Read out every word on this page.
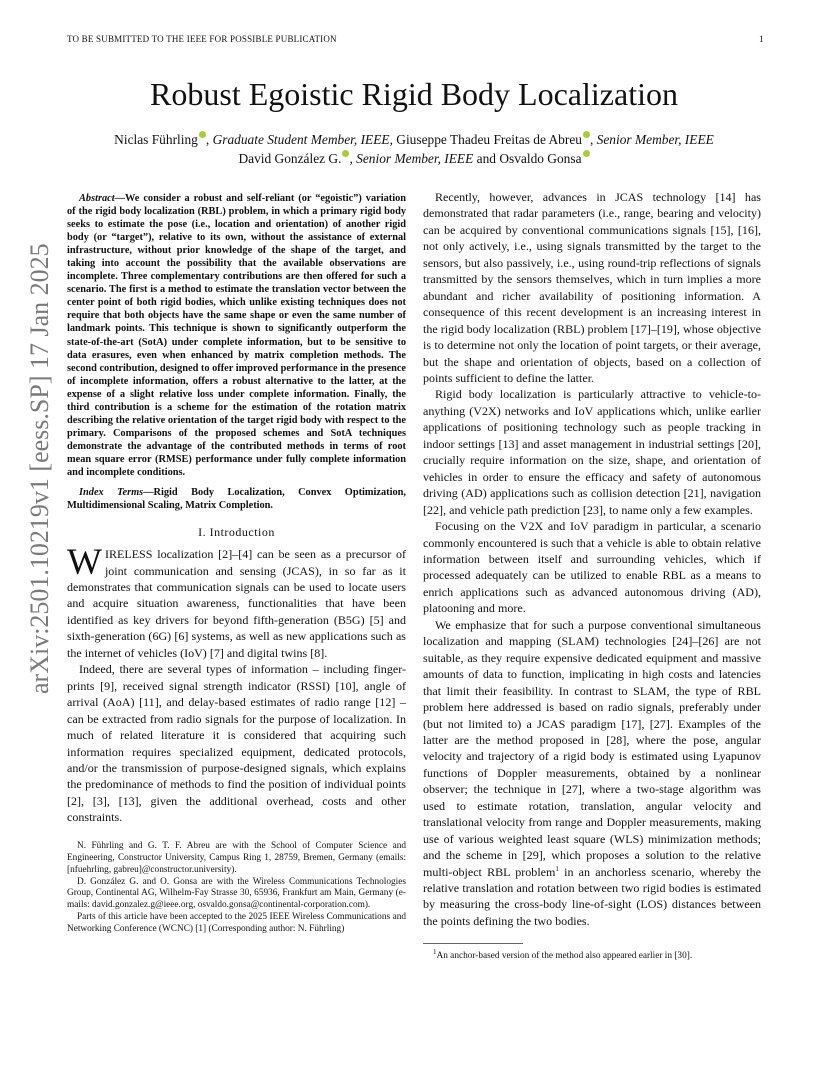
TO BE SUBMITTED TO THE IEEE FOR POSSIBLE PUBLICATION	1
arXiv:2501.10219v1 [eess.SP] 17 Jan 2025
Robust Egoistic Rigid Body Localization
Niclas Führling , Graduate Student Member, IEEE, Giuseppe Thadeu Freitas de Abreu , Senior Member, IEEE
David González G. , Senior Member, IEEE and Osvaldo Gonsa

Abstract—We consider a robust and self-reliant (or “egoistic”) variation of the rigid body localization (RBL) problem, in which a primary rigid body seeks to estimate the pose (i.e., location and orientation) of another rigid body (or “target”), relative to its own, without the assistance of external infrastructure, without prior knowledge of the shape of the target, and taking into account the possibility that the available observations are incomplete. Three complementary contributions are then offered for such a scenario. The first is a method to estimate the translation vector between the center point of both rigid bodies, which unlike existing techniques does not require that both objects have the same shape or even the same number of landmark points. This technique is shown to significantly outperform the state-of-the-art (SotA) under complete information, but to be sensitive to data erasures, even when enhanced by matrix completion methods. The second contribution, designed to offer improved performance in the presence of incomplete information, offers a robust alternative to the latter, at the expense of a slight relative loss under complete information. Finally, the third contribution is a scheme for the estimation of the rotation matrix describing the relative orientation of the target rigid body with respect to the primary. Comparisons of the proposed schemes and SotA techniques demonstrate the advantage of the contributed methods in terms of root mean square error (RMSE) performance under fully complete information and incomplete conditions.

Index Terms—Rigid Body Localization, Convex Optimization, Multidimensional Scaling, Matrix Completion.

I. Introduction

WIRELESS localization [2]–[4] can be seen as a precursor of joint communication and sensing (JCAS), in so far as it demonstrates that communication signals can be used to locate users and acquire situation awareness, functionalities that have been identified as key drivers for beyond fifth-generation (B5G) [5] and sixth-generation (6G) [6] systems, as well as new applications such as the internet of vehicles (IoV) [7] and digital twins [8].

Indeed, there are several types of information – including finger-prints [9], received signal strength indicator (RSSI) [10], angle of arrival (AoA) [11], and delay-based estimates of radio range [12] – can be extracted from radio signals for the purpose of localization. In much of related literature it is considered that acquiring such information requires specialized equipment, dedicated protocols, and/or the transmission of purpose-designed signals, which explains the predominance of methods to find the position of individual points [2], [3], [13], given the additional overhead, costs and other constraints.

N. Führling and G. T. F. Abreu are with the School of Computer Science and Engineering, Constructor University, Campus Ring 1, 28759, Bremen, Germany (emails: [nfuehrling, gabreu]@constructor.university).

D. González G. and O. Gonsa are with the Wireless Communications Technologies Group, Continental AG, Wilhelm-Fay Strasse 30, 65936, Frankfurt am Main, Germany (e-mails: david.gonzalez.g@ieee.org, osvaldo.gonsa@continental-corporation.com).

Parts of this article have been accepted to the 2025 IEEE Wireless Communications and Networking Conference (WCNC) [1] (Corresponding author: N. Führling)

Recently, however, advances in JCAS technology [14] has demonstrated that radar parameters (i.e., range, bearing and velocity) can be acquired by conventional communications signals [15], [16], not only actively, i.e., using signals transmitted by the target to the sensors, but also passively, i.e., using round-trip reflections of signals transmitted by the sensors themselves, which in turn implies a more abundant and richer availability of positioning information. A consequence of this recent development is an increasing interest in the rigid body localization (RBL) problem [17]–[19], whose objective is to determine not only the location of point targets, or their average, but the shape and orientation of objects, based on a collection of points sufficient to define the latter.

Rigid body localization is particularly attractive to vehicle-to-anything (V2X) networks and IoV applications which, unlike earlier applications of positioning technology such as people tracking in indoor settings [13] and asset management in industrial settings [20], crucially require information on the size, shape, and orientation of vehicles in order to ensure the efficacy and safety of autonomous driving (AD) applications such as collision detection [21], navigation [22], and vehicle path prediction [23], to name only a few examples.

Focusing on the V2X and IoV paradigm in particular, a scenario commonly encountered is such that a vehicle is able to obtain relative information between itself and surrounding vehicles, which if processed adequately can be utilized to enable RBL as a means to enrich applications such as advanced autonomous driving (AD), platooning and more.

We emphasize that for such a purpose conventional simultaneous localization and mapping (SLAM) technologies [24]–[26] are not suitable, as they require expensive dedicated equipment and massive amounts of data to function, implicating in high costs and latencies that limit their feasibility. In contrast to SLAM, the type of RBL problem here addressed is based on radio signals, preferably under (but not limited to) a JCAS paradigm [17], [27]. Examples of the latter are the method proposed in [28], where the pose, angular velocity and trajectory of a rigid body is estimated using Lyapunov functions of Doppler measurements, obtained by a nonlinear observer; the technique in [27], where a two-stage algorithm was used to estimate rotation, translation, angular velocity and translational velocity from range and Doppler measurements, making use of various weighted least square (WLS) minimization methods; and the scheme in [29], which proposes a solution to the relative multi-object RBL problem$^1$ in an anchorless scenario, whereby the relative translation and rotation between two rigid bodies is estimated by measuring the cross-body line-of-sight (LOS) distances between the points defining the two bodies.

$^1$An anchor-based version of the method also appeared earlier in [30].
